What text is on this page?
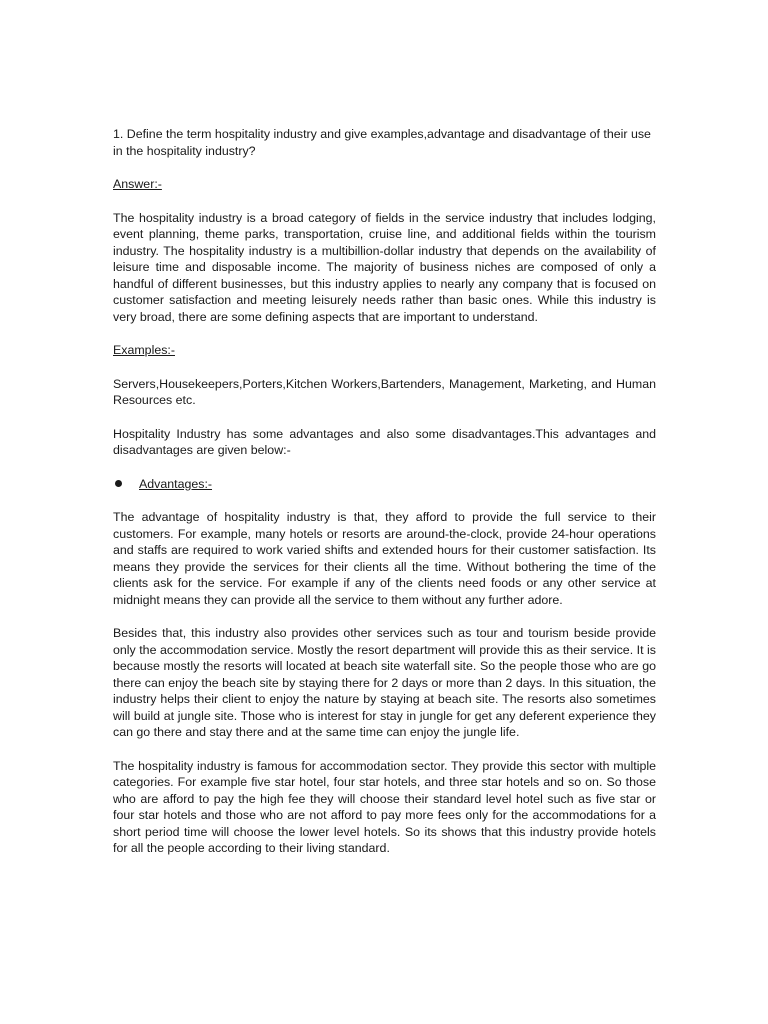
1. Define the term hospitality industry and give examples,advantage and disadvantage of their use in the hospitality industry?

Answer:-

The hospitality industry is a broad category of fields in the service industry that includes lodging, event planning, theme parks, transportation, cruise line, and additional fields within the tourism industry. The hospitality industry is a multibillion-dollar industry that depends on the availability of leisure time and disposable income. The majority of business niches are composed of only a handful of different businesses, but this industry applies to nearly any company that is focused on customer satisfaction and meeting leisurely needs rather than basic ones. While this industry is very broad, there are some defining aspects that are important to understand.

Examples:-

Servers,Housekeepers,Porters,Kitchen Workers,Bartenders, Management, Marketing, and Human Resources etc.

Hospitality Industry has some advantages and also some disadvantages.This advantages and disadvantages are given below:-

Advantages:-

The advantage of hospitality industry is that, they afford to provide the full service to their customers. For example, many hotels or resorts are around-the-clock, provide 24-hour operations and staffs are required to work varied shifts and extended hours for their customer satisfaction. Its means they provide the services for their clients all the time. Without bothering the time of the clients ask for the service. For example if any of the clients need foods or any other service at midnight means they can provide all the service to them without any further adore.

Besides that, this industry also provides other services such as tour and tourism beside provide only the accommodation service. Mostly the resort department will provide this as their service. It is because mostly the resorts will located at beach site waterfall site. So the people those who are go there can enjoy the beach site by staying there for 2 days or more than 2 days. In this situation, the industry helps their client to enjoy the nature by staying at beach site. The resorts also sometimes will build at jungle site. Those who is interest for stay in jungle for get any deferent experience they can go there and stay there and at the same time can enjoy the jungle life.

The hospitality industry is famous for accommodation sector. They provide this sector with multiple categories. For example five star hotel, four star hotels, and three star hotels and so on. So those who are afford to pay the high fee they will choose their standard level hotel such as five star or four star hotels and those who are not afford to pay more fees only for the accommodations for a short period time will choose the lower level hotels. So its shows that this industry provide hotels for all the people according to their living standard.
